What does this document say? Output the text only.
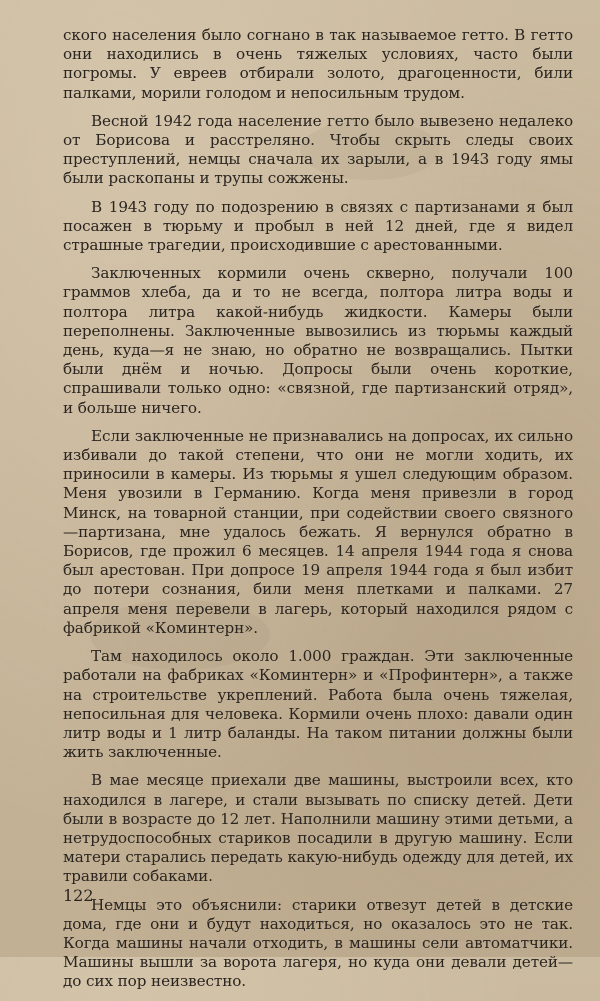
ского населения было согнано в так называемое гетто. В гетто они находились в очень тяжелых условиях, часто были погромы. У евреев отбирали золото, драгоценности, били палками, морили голодом и непосильным трудом.

Весной 1942 года население гетто было вывезено недалеко от Борисова и расстреляно. Чтобы скрыть следы своих преступлений, немцы сначала их зарыли, а в 1943 году ямы были раскопаны и трупы сожжены.

В 1943 году по подозрению в связях с партизанами я был посажен в тюрьму и пробыл в ней 12 дней, где я видел страшные трагедии, происходившие с арестованными.

Заключенных кормили очень скверно, получали 100 граммов хлеба, да и то не всегда, полтора литра воды и полтора литра какой-нибудь жидкости. Камеры были переполнены. Заключенные вывозились из тюрьмы каждый день, куда—я не знаю, но обратно не возвращались. Пытки были днём и ночью. Допросы были очень короткие, спрашивали только одно: «связной, где партизанский отряд», и больше ничего.

Если заключенные не признавались на допросах, их сильно избивали до такой степени, что они не могли ходить, их приносили в камеры. Из тюрьмы я ушел следующим образом. Меня увозили в Германию. Когда меня привезли в город Минск, на товарной станции, при содействии своего связного—партизана, мне удалось бежать. Я вернулся обратно в Борисов, где прожил 6 месяцев. 14 апреля 1944 года я снова был арестован. При допросе 19 апреля 1944 года я был избит до потери сознания, били меня плетками и палками. 27 апреля меня перевели в лагерь, который находился рядом с фабрикой «Коминтерн».

Там находилось около 1.000 граждан. Эти заключенные работали на фабриках «Коминтерн» и «Профинтерн», а также на строительстве укреплений. Работа была очень тяжелая, непосильная для человека. Кормили очень плохо: давали один литр воды и 1 литр баланды. На таком питании должны были жить заключенные.

В мае месяце приехали две машины, выстроили всех, кто находился в лагере, и стали вызывать по списку детей. Дети были в возрасте до 12 лет. Наполнили машину этими детьми, а нетрудоспособных стариков посадили в другую машину. Если матери старались передать какую-нибудь одежду для детей, их травили собаками.

Немцы это объяснили: старики отвезут детей в детские дома, где они и будут находиться, но оказалось это не так. Когда машины начали отходить, в машины сели автоматчики. Машины вышли за ворота лагеря, но куда они девали детей—до сих пор неизвестно.

122
